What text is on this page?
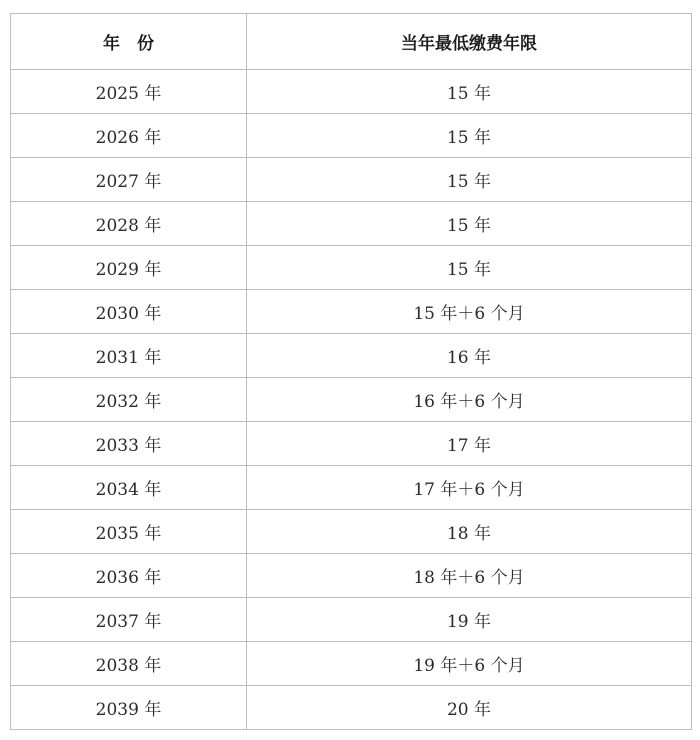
年　份	当年最低缴费年限
2025 年	15 年
2026 年	15 年
2027 年	15 年
2028 年	15 年
2029 年	15 年
2030 年	15 年＋6 个月
2031 年	16 年
2032 年	16 年＋6 个月
2033 年	17 年
2034 年	17 年＋6 个月
2035 年	18 年
2036 年	18 年＋6 个月
2037 年	19 年
2038 年	19 年＋6 个月
2039 年	20 年
